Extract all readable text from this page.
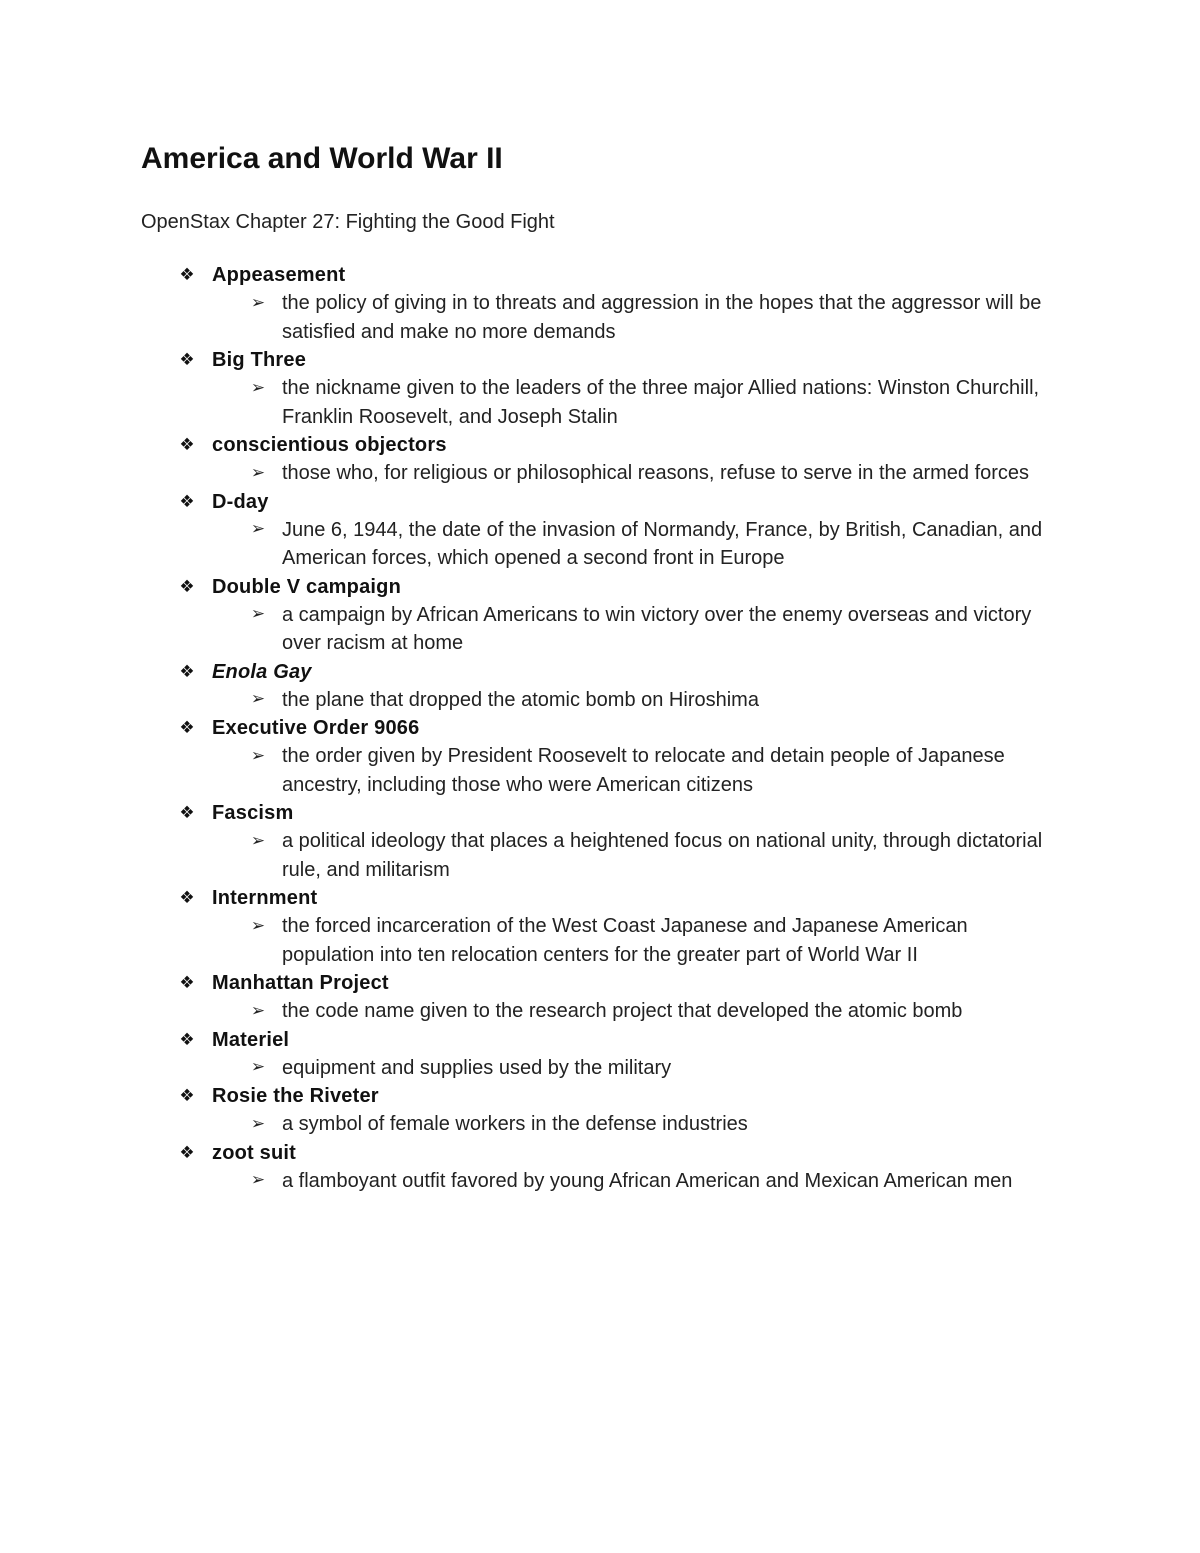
America and World War II

OpenStax Chapter 27: Fighting the Good Fight

❖ Appeasement
➢ the policy of giving in to threats and aggression in the hopes that the aggressor will be satisfied and make no more demands
❖ Big Three
➢ the nickname given to the leaders of the three major Allied nations: Winston Churchill, Franklin Roosevelt, and Joseph Stalin
❖ conscientious objectors
➢ those who, for religious or philosophical reasons, refuse to serve in the armed forces
❖ D-day
➢ June 6, 1944, the date of the invasion of Normandy, France, by British, Canadian, and American forces, which opened a second front in Europe
❖ Double V campaign
➢ a campaign by African Americans to win victory over the enemy overseas and victory over racism at home
❖ Enola Gay
➢ the plane that dropped the atomic bomb on Hiroshima
❖ Executive Order 9066
➢ the order given by President Roosevelt to relocate and detain people of Japanese ancestry, including those who were American citizens
❖ Fascism
➢ a political ideology that places a heightened focus on national unity, through dictatorial rule, and militarism
❖ Internment
➢ the forced incarceration of the West Coast Japanese and Japanese American population into ten relocation centers for the greater part of World War II
❖ Manhattan Project
➢ the code name given to the research project that developed the atomic bomb
❖ Materiel
➢ equipment and supplies used by the military
❖ Rosie the Riveter
➢ a symbol of female workers in the defense industries
❖ zoot suit
➢ a flamboyant outfit favored by young African American and Mexican American men
